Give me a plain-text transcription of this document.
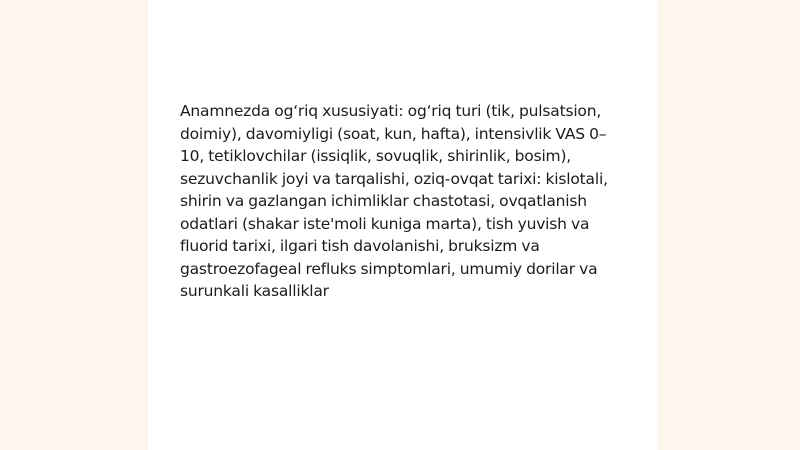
Anamnezda og‘riq xususiyati: og‘riq turi (tik, pulsatsion, doimiy), davomiyligi (soat, kun, hafta), intensivlik VAS 0–10, tetiklovchilar (issiqlik, sovuqlik, shirinlik, bosim), sezuvchanlik joyi va tarqalishi, oziq-ovqat tarixi: kislotali, shirin va gazlangan ichimliklar chastotasi, ovqatlanish odatlari (shakar iste'moli kuniga marta), tish yuvish va fluorid tarixi, ilgari tish davolanishi, bruksizm va gastroezofageal refluks simptomlari, umumiy dorilar va surunkali kasalliklar
